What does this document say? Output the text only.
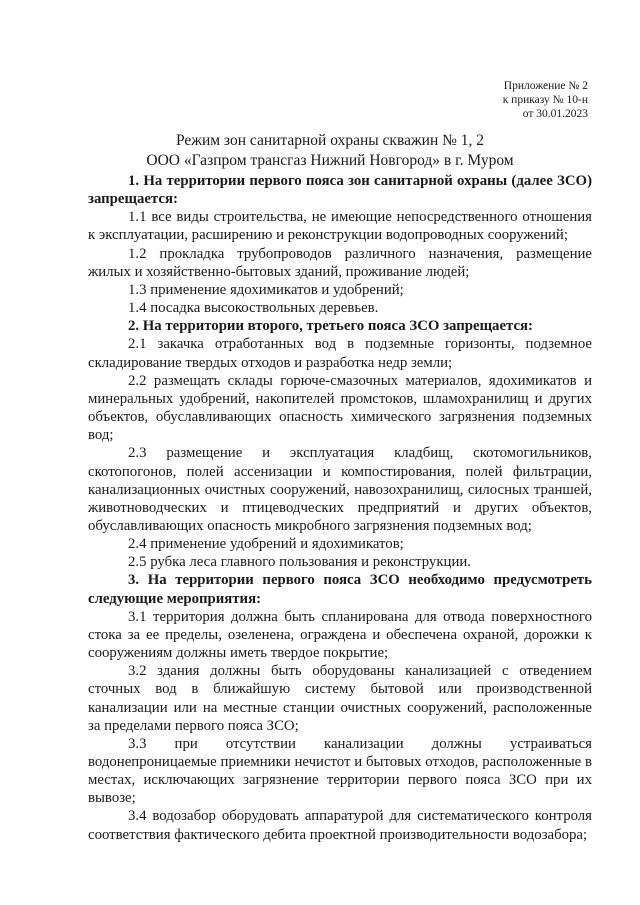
Приложение № 2
к приказу № 10-н
от 30.01.2023
Режим зон санитарной охраны скважин № 1, 2
ООО «Газпром трансгаз Нижний Новгород» в г. Муром

1. На территории первого пояса зон санитарной охраны (далее ЗСО) запрещается:

1.1 все виды строительства, не имеющие непосредственного отношения к эксплуатации, расширению и реконструкции водопроводных сооружений;

1.2 прокладка трубопроводов различного назначения, размещение жилых и хозяйственно-бытовых зданий, проживание людей;

1.3 применение ядохимикатов и удобрений;

1.4 посадка высокоствольных деревьев.

2. На территории второго, третьего пояса ЗСО запрещается:

2.1 закачка отработанных вод в подземные горизонты, подземное складирование твердых отходов и разработка недр земли;

2.2 размещать склады горюче-смазочных материалов, ядохимикатов и минеральных удобрений, накопителей промстоков, шламохранилищ и других объектов, обуславливающих опасность химического загрязнения подземных вод;

2.3 размещение и эксплуатация кладбищ, скотомогильников, скотопогонов, полей ассенизации и компостирования, полей фильтрации, канализационных очистных сооружений, навозохранилищ, силосных траншей, животноводческих и птицеводческих предприятий и других объектов, обуславливающих опасность микробного загрязнения подземных вод;

2.4 применение удобрений и ядохимикатов;

2.5 рубка леса главного пользования и реконструкции.

3. На территории первого пояса ЗСО необходимо предусмотреть следующие мероприятия:

3.1 территория должна быть спланирована для отвода поверхностного стока за ее пределы, озеленена, ограждена и обеспечена охраной, дорожки к сооружениям должны иметь твердое покрытие;

3.2 здания должны быть оборудованы канализацией с отведением сточных вод в ближайшую систему бытовой или производственной канализации или на местные станции очистных сооружений, расположенные за пределами первого пояса ЗСО;

3.3 при отсутствии канализации должны устраиваться водонепроницаемые приемники нечистот и бытовых отходов, расположенные в местах, исключающих загрязнение территории первого пояса ЗСО при их вывозе;

3.4 водозабор оборудовать аппаратурой для систематического контроля соответствия фактического дебита проектной производительности водозабора;
